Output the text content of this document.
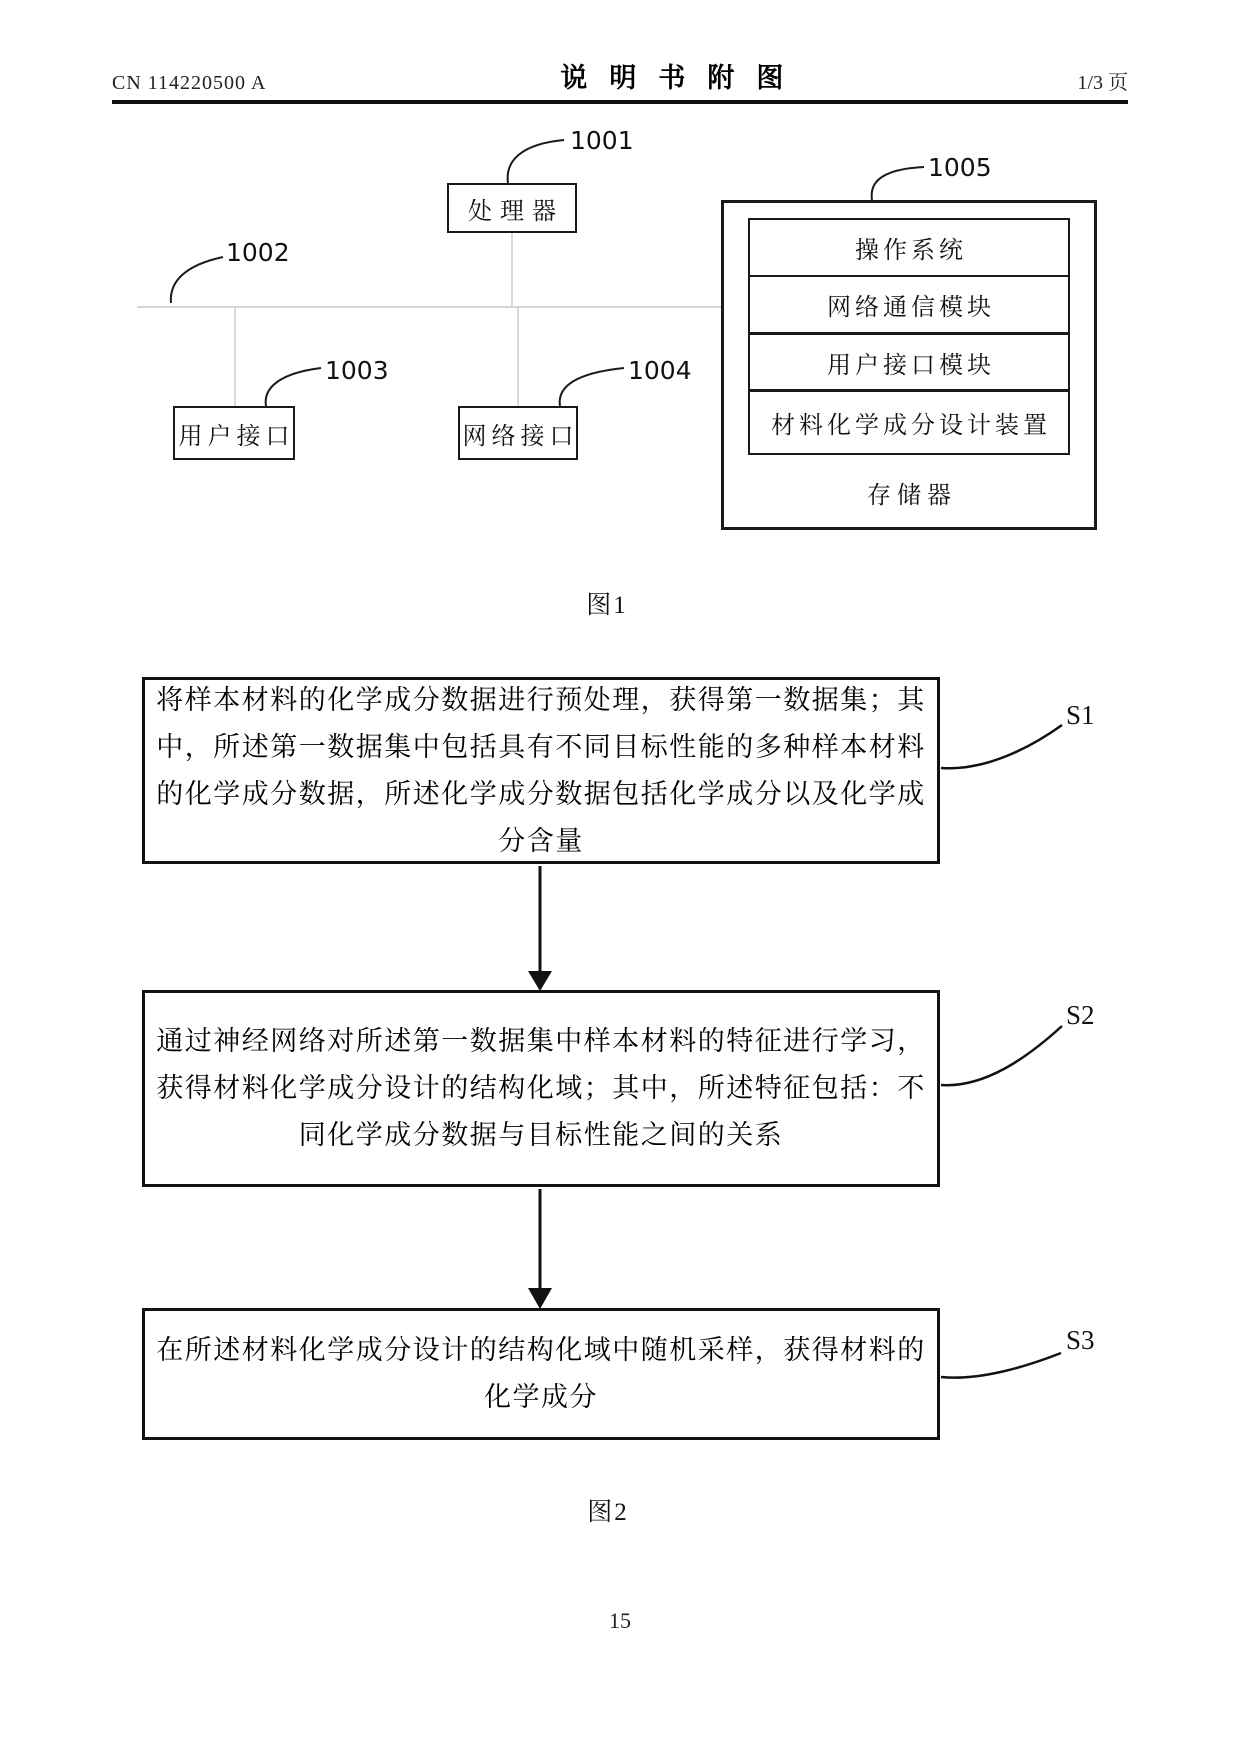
CN 114220500 A	说明书附图	1/3 页
处理器
用户接口	网络接口
操作系统
网络通信模块
用户接口模块
材料化学成分设计装置
存储器
1001
1002
1003	1004
1005
图1
将样本材料的化学成分数据进行预处理，获得第一数据集；其
中，所述第一数据集中包括具有不同目标性能的多种样本材料
的化学成分数据，所述化学成分数据包括化学成分以及化学成
分含量
通过神经网络对所述第一数据集中样本材料的特征进行学习，
获得材料化学成分设计的结构化域；其中，所述特征包括：不
同化学成分数据与目标性能之间的关系
在所述材料化学成分设计的结构化域中随机采样，获得材料的
化学成分
S1
S2
S3
图2
15
